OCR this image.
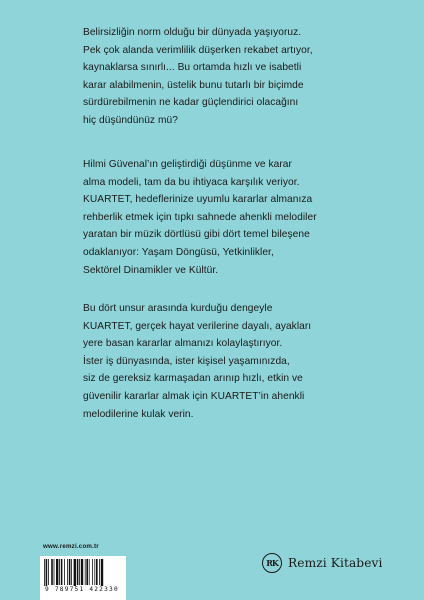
Belirsizliğin norm olduğu bir dünyada yaşıyoruz.
Pek çok alanda verimlilik düşerken rekabet artıyor,
kaynaklarsa sınırlı... Bu ortamda hızlı ve isabetli
karar alabilmenin, üstelik bunu tutarlı bir biçimde
sürdürebilmenin ne kadar güçlendirici olacağını
hiç düşündünüz mü?
Hilmi Güvenal’ın geliştirdiği düşünme ve karar
alma modeli, tam da bu ihtiyaca karşılık veriyor.
KUARTET, hedeflerinize uyumlu kararlar almanıza
rehberlik etmek için tıpkı sahnede ahenkli melodiler
yaratan bir müzik dörtlüsü gibi dört temel bileşene
odaklanıyor: Yaşam Döngüsü, Yetkinlikler,
Sektörel Dinamikler ve Kültür.
Bu dört unsur arasında kurduğu dengeyle
KUARTET, gerçek hayat verilerine dayalı, ayakları
yere basan kararlar almanızı kolaylaştırıyor.
İster iş dünyasında, ister kişisel yaşamınızda,
siz de gereksiz karmaşadan arınıp hızlı, etkin ve
güvenilir kararlar almak için KUARTET’in ahenkli
melodilerine kulak verin.
www.remzi.com.tr
9 789751 422330
RK Remzi Kitabevi
